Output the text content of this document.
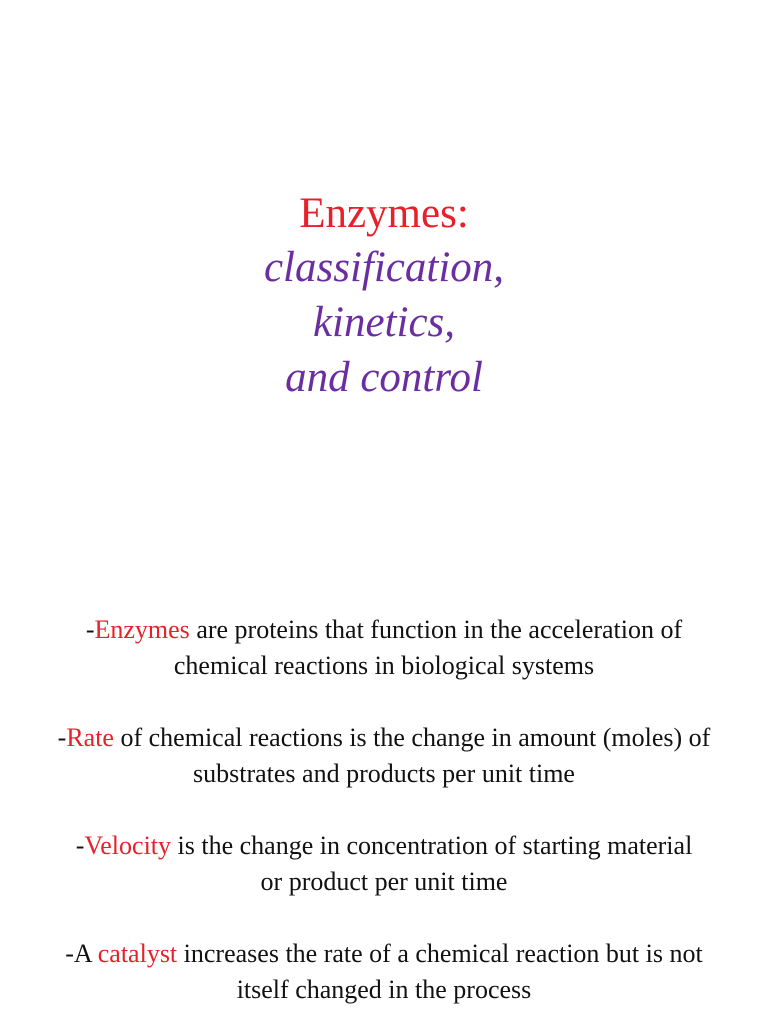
Enzymes:
classification,
kinetics,
and control

-Enzymes are proteins that function in the acceleration of chemical reactions in biological systems

-Rate of chemical reactions is the change in amount (moles) of substrates and products per unit time

-Velocity is the change in concentration of starting material or product per unit time

-A catalyst increases the rate of a chemical reaction but is not itself changed in the process
